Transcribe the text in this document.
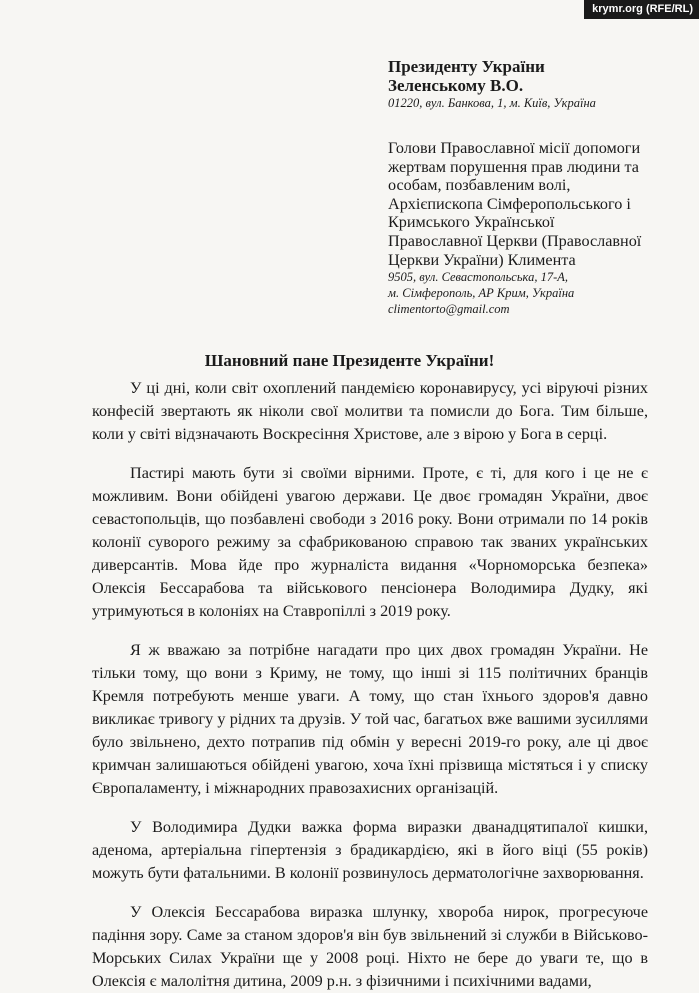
krymr.org (RFE/RL)
Президенту України
Зеленському В.О.
01220, вул. Банкова, 1, м. Київ, Україна
Голови Православної місії допомоги
жертвам порушення прав людини та
особам, позбавленим волі,
Архієпископа Сімферопольського і
Кримського Української
Православної Церкви (Православної
Церкви України) Климента
9505, вул. Севастопольська, 17-А,
м. Сімферополь, АР Крим, Україна
climentorto@gmail.com
Шановний пане Президенте України!

У ці дні, коли світ охоплений пандемією коронавирусу, усі віруючі різних конфесій звертають як ніколи свої молитви та помисли до Бога. Тим більше, коли у світі відзначають Воскресіння Христове, але з вірою у Бога в серці.

Пастирі мають бути зі своїми вірними. Проте, є ті, для кого і це не є можливим. Вони обійдені увагою держави. Це двоє громадян України, двоє севастопольців, що позбавлені свободи з 2016 року. Вони отримали по 14 років колонії суворого режиму за сфабрикованою справою так званих українських диверсантів. Мова йде про журналіста видання «Чорноморська безпека» Олексія Бессарабова та військового пенсіонера Володимира Дудку, які утримуються в колоніях на Ставропіллі з 2019 року.

Я ж вважаю за потрібне нагадати про цих двох громадян України. Не тільки тому, що вони з Криму, не тому, що інші зі 115 політичних бранців Кремля потребують менше уваги. А тому, що стан їхнього здоров'я давно викликає тривогу у рідних та друзів. У той час, багатьох вже вашими зусиллями було звільнено, дехто потрапив під обмін у вересні 2019-го року, але ці двоє кримчан залишаються обійдені увагою, хоча їхні прізвища містяться і у списку Європаламенту, і міжнародних правозахисних організацій.

У Володимира Дудки важка форма виразки дванадцятипалої кишки, аденома, артеріальна гіпертензія з брадикардією, які в його віці (55 років) можуть бути фатальними. В колонії розвинулось дерматологічне захворювання.

У Олексія Бессарабова виразка шлунку, хвороба нирок, прогресуюче падіння зору. Саме за станом здоров'я він був звільнений зі служби в Військово-Морських Силах України ще у 2008 році. Ніхто не бере до уваги те, що в Олексія є малолітня дитина, 2009 р.н. з фізичними і психічними вадами,
